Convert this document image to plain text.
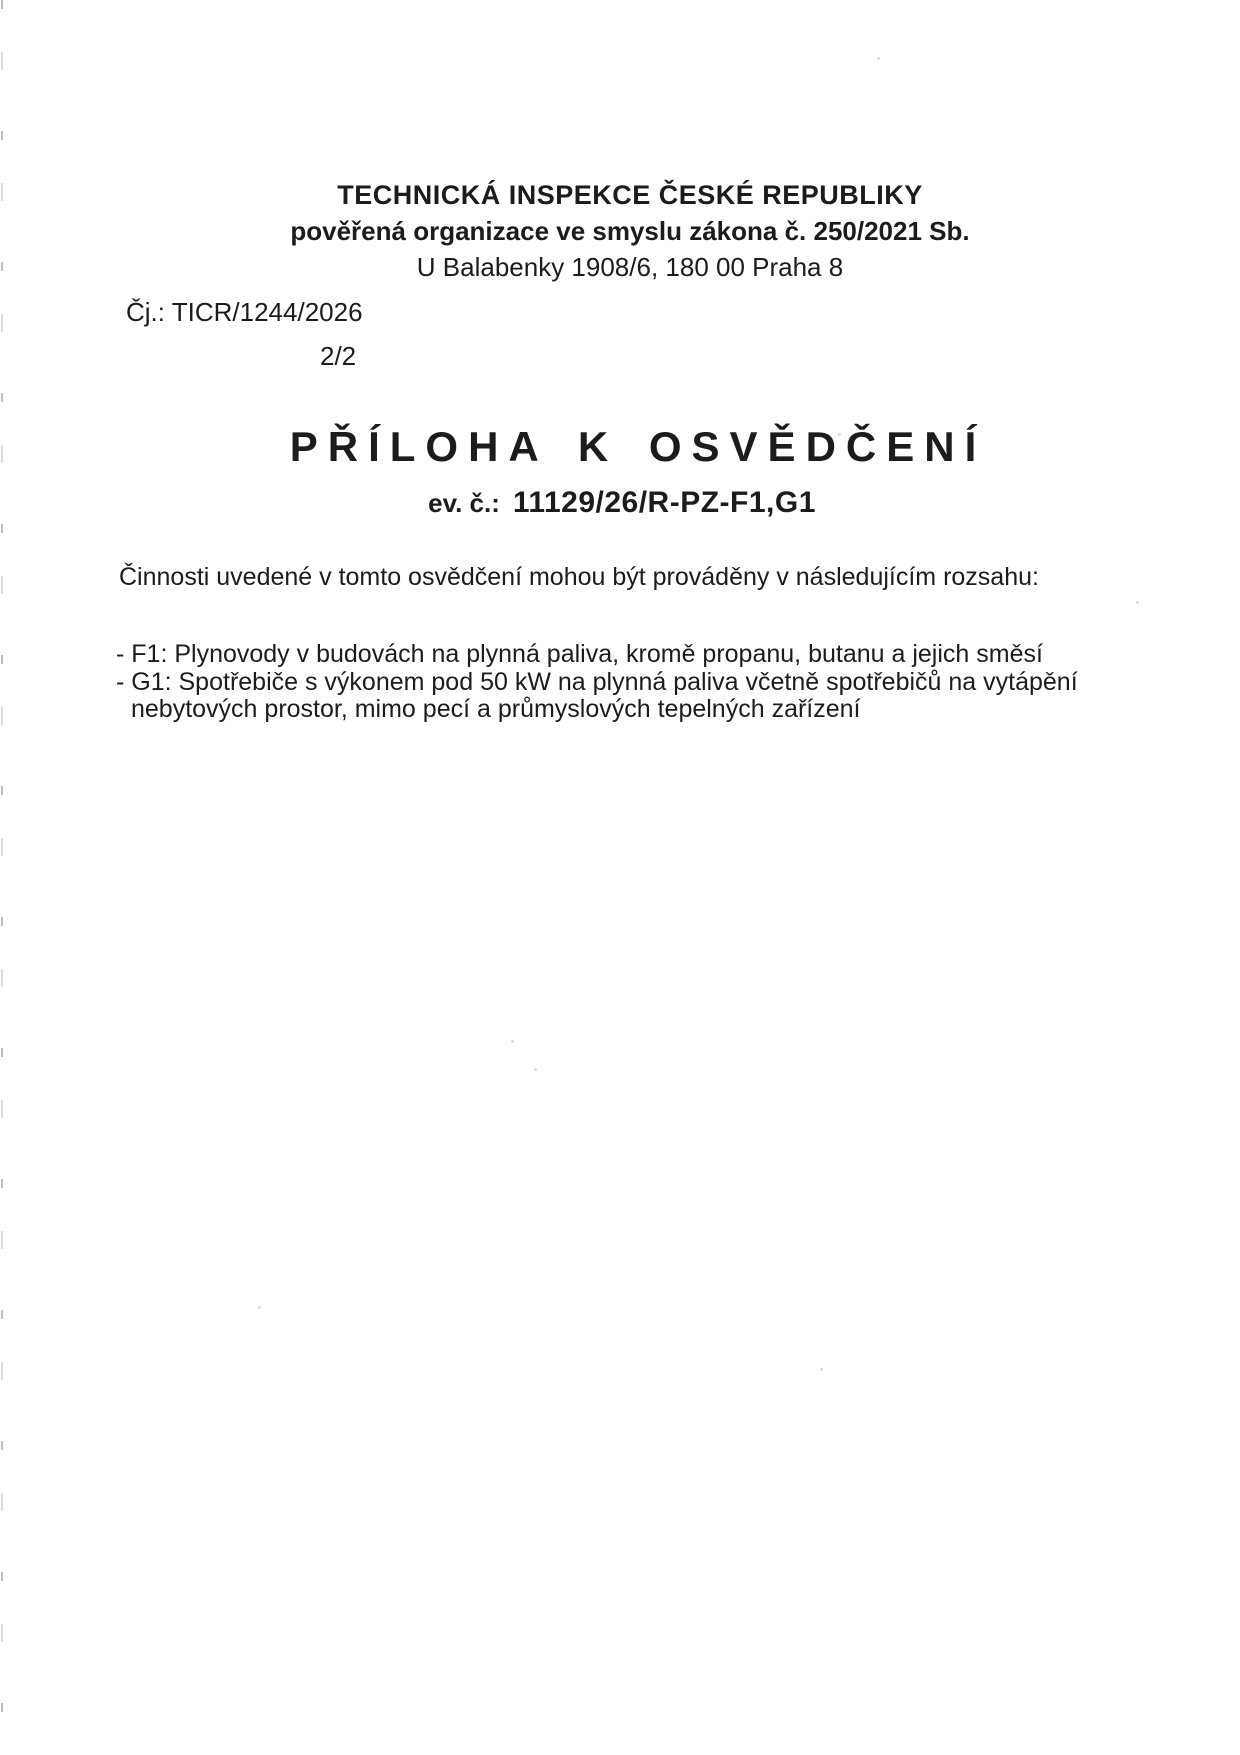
TECHNICKÁ INSPEKCE ČESKÉ REPUBLIKY
pověřená organizace ve smyslu zákona č. 250/2021 Sb.
U Balabenky 1908/6, 180 00 Praha 8
Čj.: TICR/1244/2026
2/2
PŘÍLOHA K OSVĚDČENÍ
ev. č.: 11129/26/R-PZ-F1,G1
Činnosti uvedené v tomto osvědčení mohou být prováděny v následujícím rozsahu:
- F1: Plynovody v budovách na plynná paliva, kromě propanu, butanu a jejich směsí
- G1: Spotřebiče s výkonem pod 50 kW na plynná paliva včetně spotřebičů na vytápění nebytových prostor, mimo pecí a průmyslových tepelných zařízení
